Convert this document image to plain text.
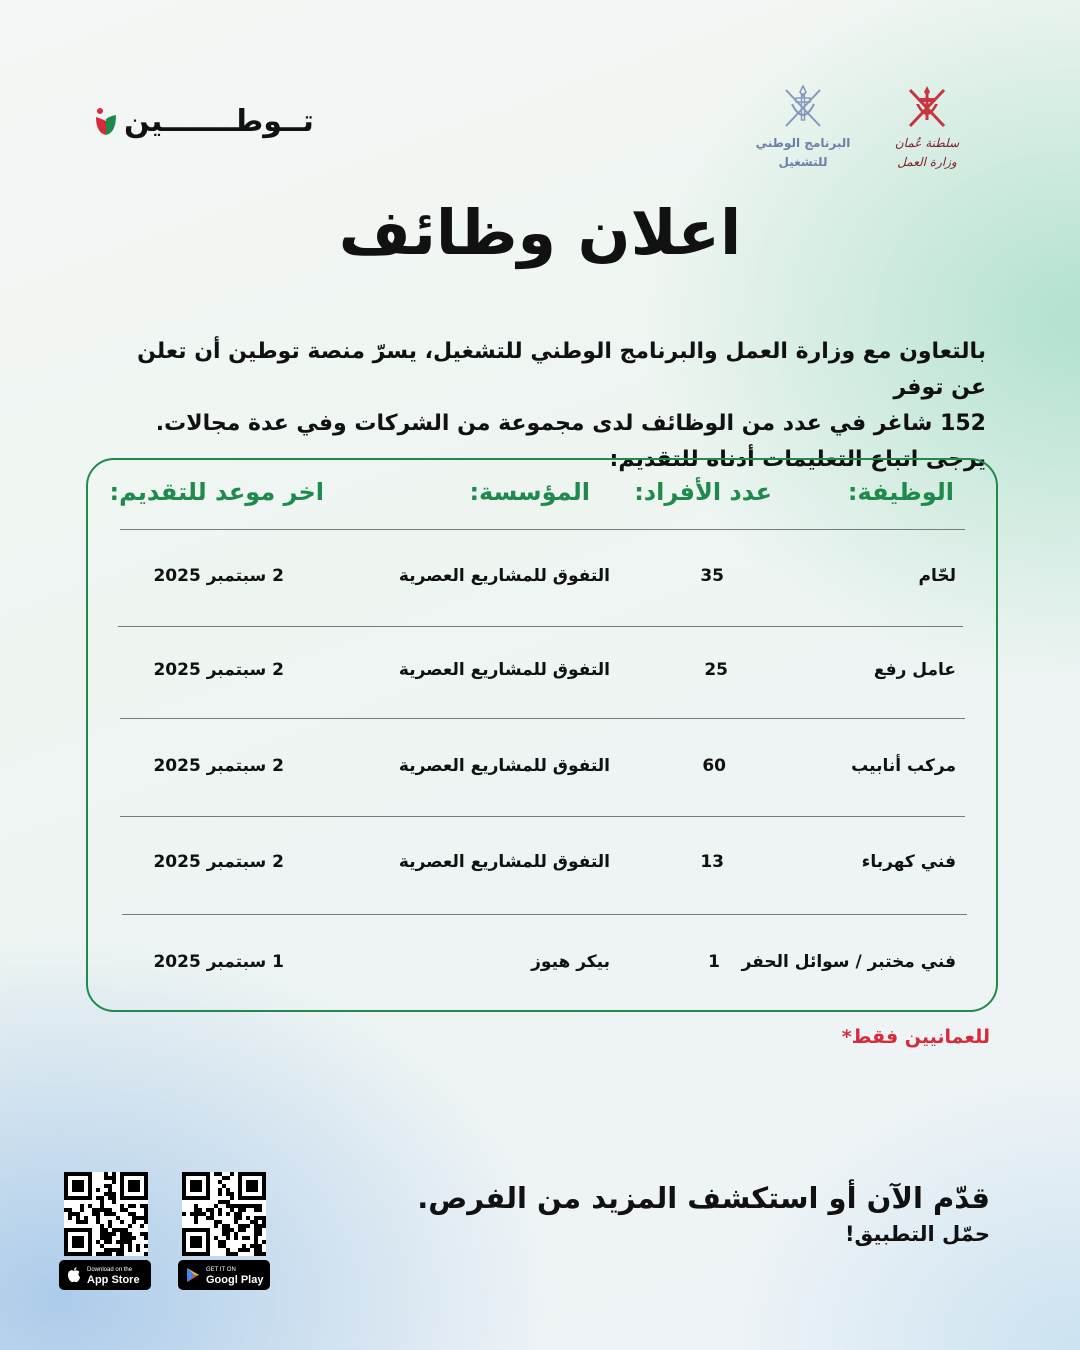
سلطنة عُمان
وزارة العمل
البرنامج الوطني
للتشغيل
تــوطـــــــين
اعلان وظائف

بالتعاون مع وزارة العمل والبرنامج الوطني للتشغيل، يسرّ منصة توطين أن تعلن عن توفر

152 شاغر في عدد من الوظائف لدى مجموعة من الشركات وفي عدة مجالات.

يرجى اتباع التعليمات أدناه للتقديم:

الوظيفة:
عدد الأفراد:
المؤسسة:
اخر موعد للتقديم:
لحّام
35
التفوق للمشاريع العصرية
2 سبتمبر 2025
عامل رفع
25
التفوق للمشاريع العصرية
2 سبتمبر 2025
مركب أنابيب
60
التفوق للمشاريع العصرية
2 سبتمبر 2025
فني كهرباء
13
التفوق للمشاريع العصرية
2 سبتمبر 2025
فني مختبر / سوائل الحفر
1
بيكر هيوز
1 سبتمبر 2025
للعمانيين فقط*
قدّم الآن أو استكشف المزيد من الفرص.
حمّل التطبيق!
GET IT ON
Googl Play
Download on the
App Store
